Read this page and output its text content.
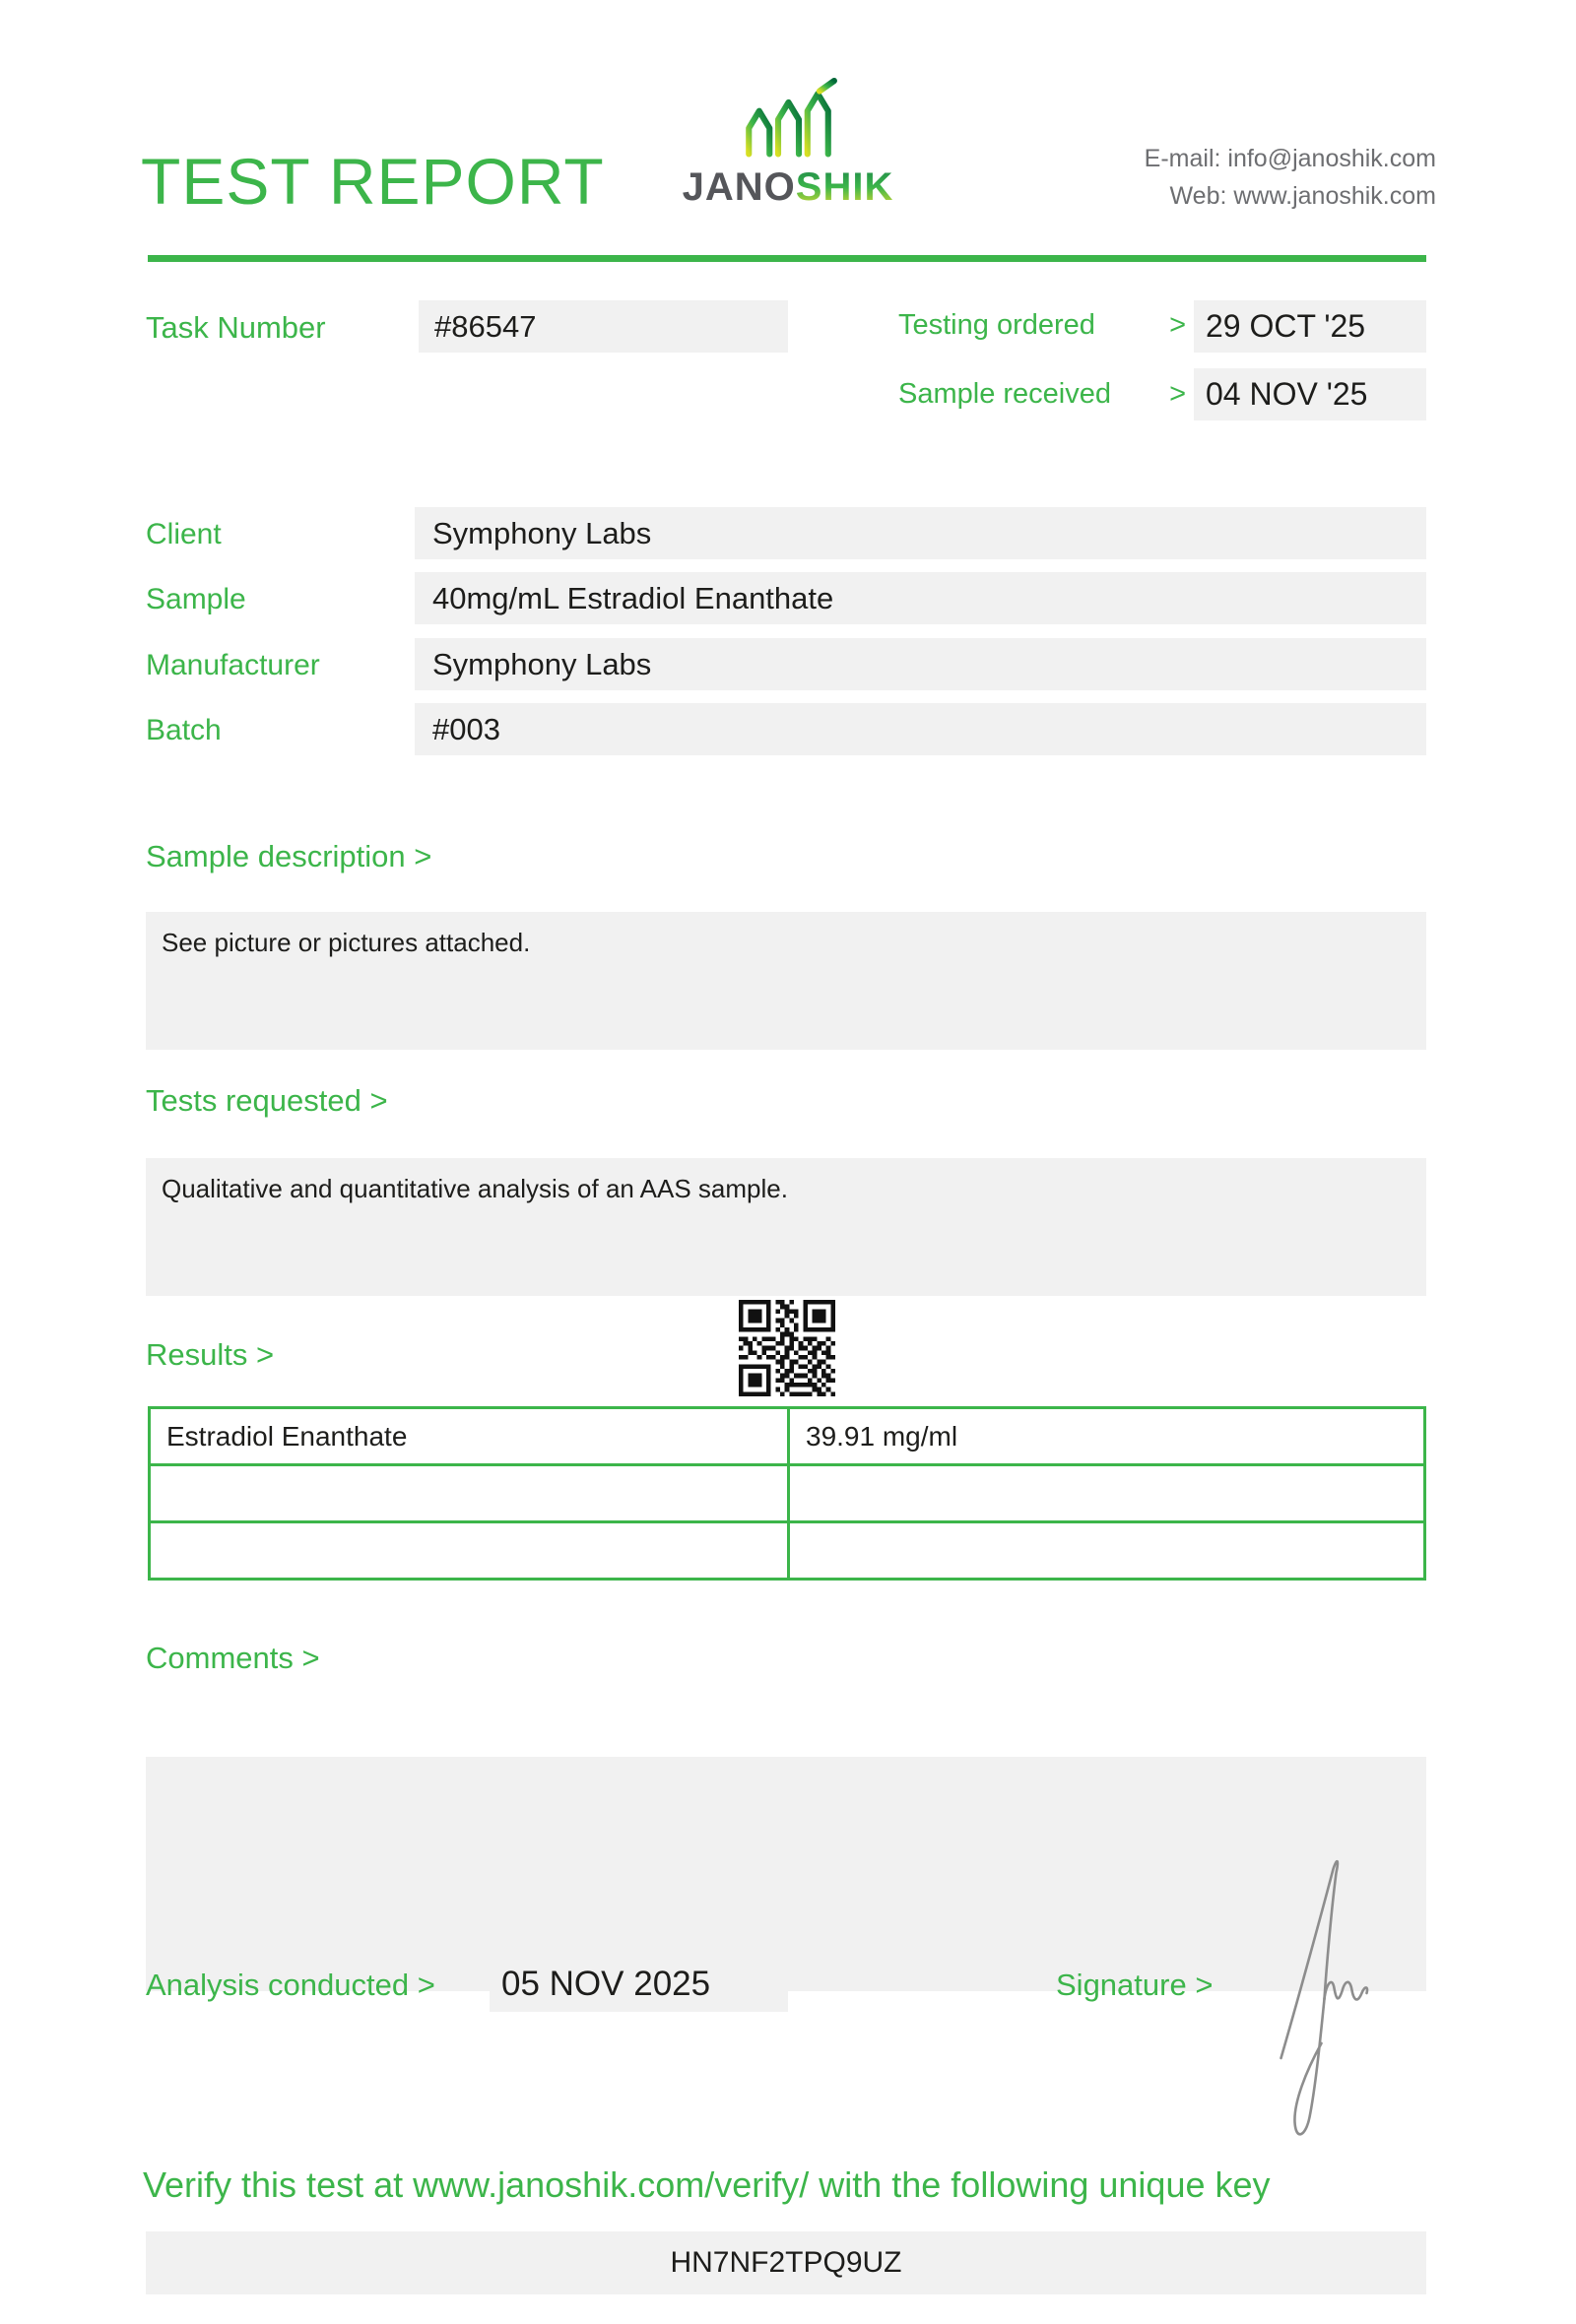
TEST REPORT JANOSHIK
E-mail: info@janoshik.com
Web: www.janoshik.com
Task Number	#86547	Testing ordered	> 29 OCT '25
Sample received > 04 NOV '25
Client	Symphony Labs
Sample	40mg/mL Estradiol Enanthate
Manufacturer	Symphony Labs
Batch	#003
Sample description >
See picture or pictures attached.
Tests requested >
Qualitative and quantitative analysis of an AAS sample.
Results >
Estradiol Enanthate	39.91 mg/ml
Comments >
Analysis conducted >	05 NOV 2025	Signature >
Verify this test at www.janoshik.com/verify/ with the following unique key
HN7NF2TPQ9UZ
